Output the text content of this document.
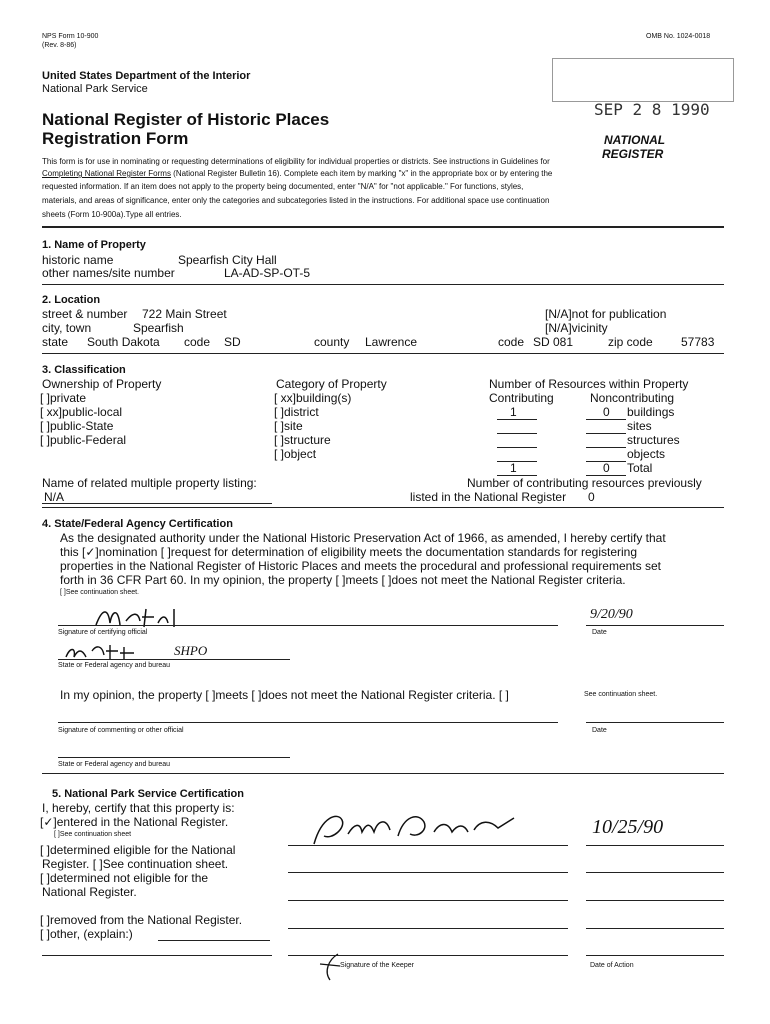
NPS Form 10-900
(Rev. 8-86)
OMB No. 1024-0018
United States Department of the Interior
National Park Service
National Register of Historic Places
Registration Form
SEP 2 8 1990
NATIONAL
REGISTER
This form is for use in nominating or requesting determinations of eligibility for individual properties or districts. See instructions in Guidelines for
Completing National Register Forms (National Register Bulletin 16). Complete each item by marking "x" in the appropriate box or by entering the
requested information. If an item does not apply to the property being documented, enter "N/A" for "not applicable." For functions, styles,
materials, and areas of significance, enter only the categories and subcategories listed in the instructions. For additional space use continuation
sheets (Form 10-900a).Type all entries.
1. Name of Property
historic name	Spearfish City Hall
other names/site number	LA-AD-SP-OT-5
2. Location
street & number 722 Main Street	[N/A]not for publication
city, town	Spearfish	[N/A]vicinity
state South Dakota code SD	county Lawrence	code SD 081	zip code 57783
3. Classification
Ownership of Property
[ ]private
[ xx]public-local
[ ]public-State
[ ]public-Federal
Category of Property
[ xx]building(s)
[ ]district
[ ]site
[ ]structure
[ ]object
Number of Resources within Property
Contributing	Noncontributing
1	0 buildings
sites
structures
objects
1	0 Total
Name of related multiple property listing:
N/A
Number of contributing resources previously
listed in the National Register 0
4. State/Federal Agency Certification
As the designated authority under the National Historic Preservation Act of 1966, as amended, I hereby certify that
this [✓]nomination [ ]request for determination of eligibility meets the documentation standards for registering
properties in the National Register of Historic Places and meets the procedural and professional requirements set
forth in 36 CFR Part 60. In my opinion, the property [ ]meets [ ]does not meet the National Register criteria.
[ ]See continuation sheet.
9/20/90
Signature of certifying official	Date
SHPO
State or Federal agency and bureau
In my opinion, the property [ ]meets [ ]does not meet the National Register criteria. [ ]	See continuation sheet.
Signature of commenting or other official	Date
State or Federal agency and bureau
5. National Park Service Certification
I, hereby, certify that this property is:
[✓]entered in the National Register.
[ ]See continuation sheet
[ ]determined eligible for the National
Register. [ ]See continuation sheet.
[ ]determined not eligible for the
National Register.
[ ]removed from the National Register.
[ ]other, (explain:)
10/25/90
Signature of the Keeper	Date of Action
